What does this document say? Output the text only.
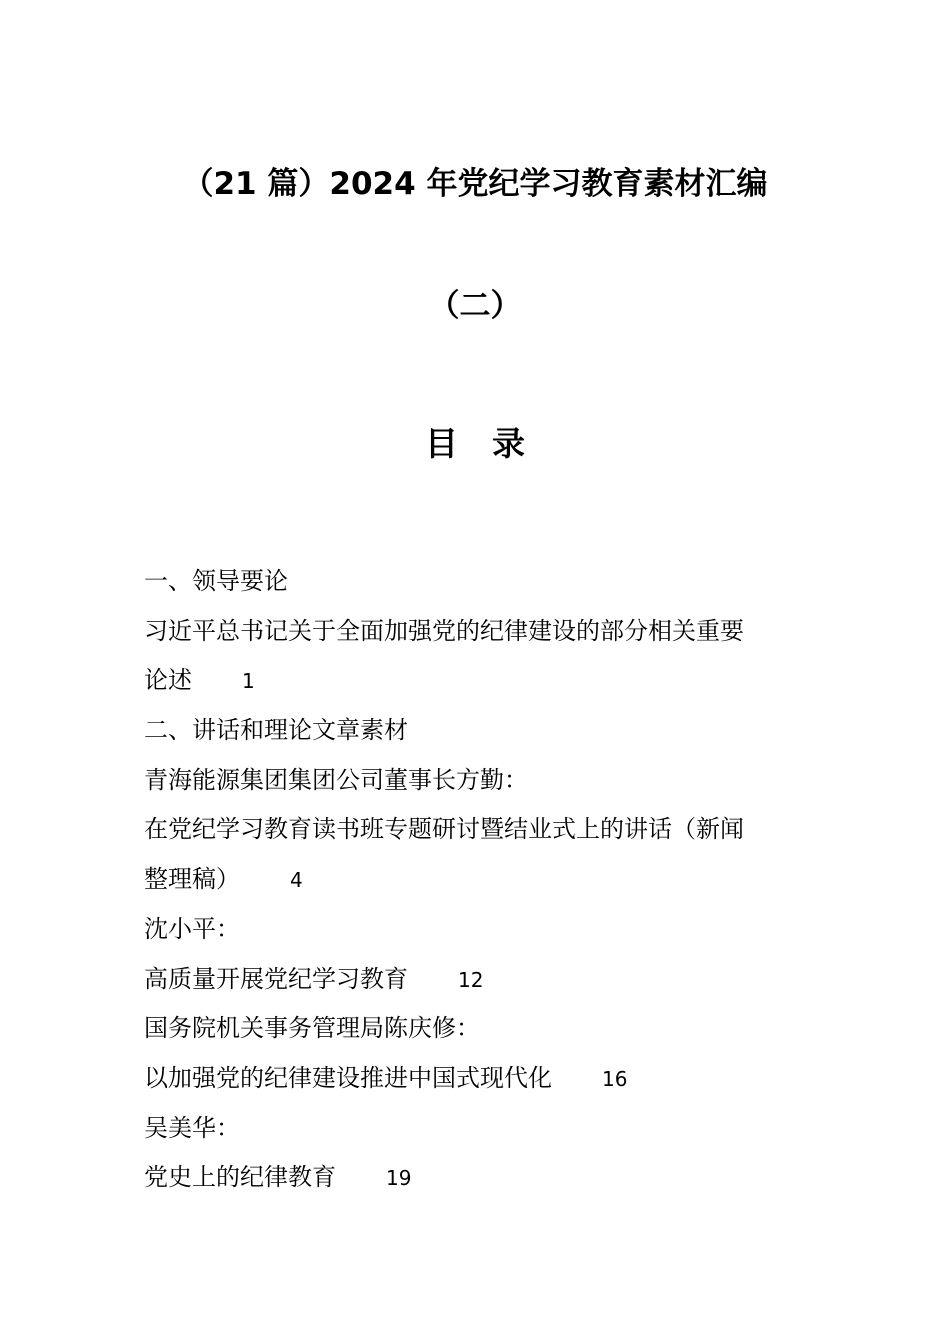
（21 篇）2024 年党纪学习教育素材汇编
（二）
目录
一、领导要论
习近平总书记关于全面加强党的纪律建设的部分相关重要
论述	1
二、讲话和理论文章素材
青海能源集团集团公司董事长方勤：
在党纪学习教育读书班专题研讨暨结业式上的讲话（新闻
整理稿）	4
沈小平：
高质量开展党纪学习教育	12
国务院机关事务管理局陈庆修：
以加强党的纪律建设推进中国式现代化	16
吴美华：
党史上的纪律教育	19
